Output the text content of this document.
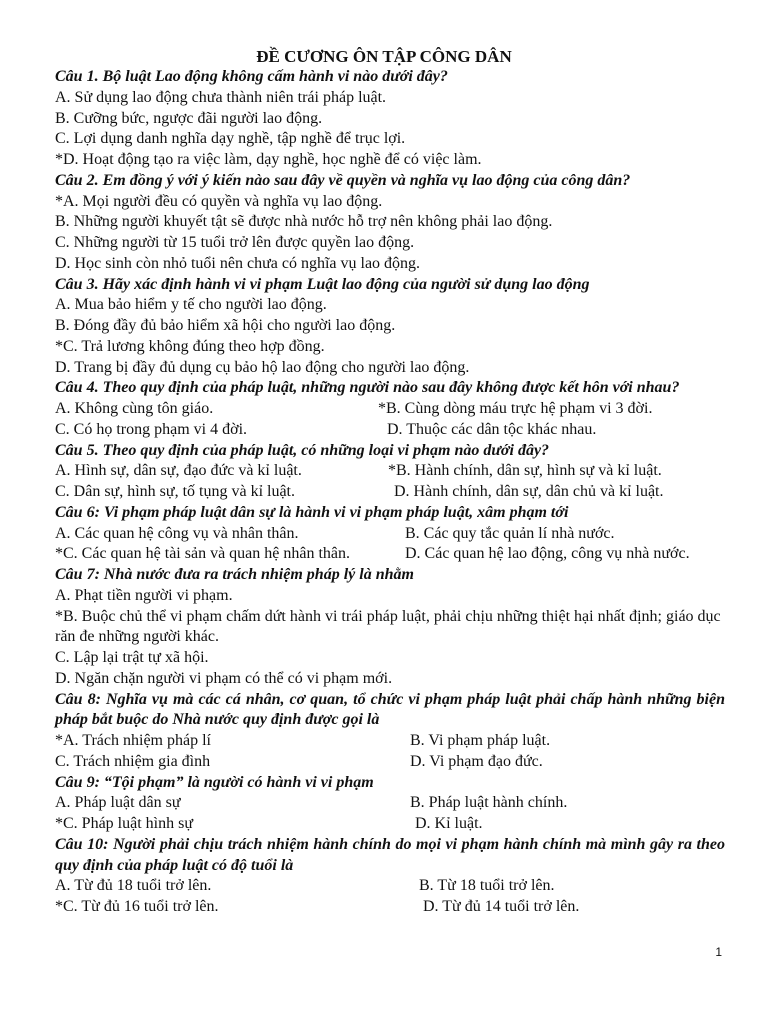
ĐỀ CƯƠNG ÔN TẬP CÔNG DÂN
Câu 1. Bộ luật Lao động không cấm hành vi nào dưới đây?
A. Sử dụng lao động chưa thành niên trái pháp luật.
B. Cưỡng bức, ngược đãi người lao động.
C. Lợi dụng danh nghĩa dạy nghề, tập nghề để trục lợi.
*D. Hoạt động tạo ra việc làm, dạy nghề, học nghề để có việc làm.
Câu 2. Em đồng ý với ý kiến nào sau đây về quyền và nghĩa vụ lao động của công dân?
*A. Mọi người đều có quyền và nghĩa vụ lao động.
B. Những người khuyết tật sẽ được nhà nước hỗ trợ nên không phải lao động.
C. Những người từ 15 tuổi trở lên được quyền lao động.
D. Học sinh còn nhỏ tuổi nên chưa có nghĩa vụ lao động.
Câu 3. Hãy xác định hành vi vi phạm Luật lao động của người sử dụng lao động
A. Mua bảo hiểm y tế cho người lao động.
B. Đóng đầy đủ bảo hiểm xã hội cho người lao động.
*C. Trả lương không đúng theo hợp đồng.
D. Trang bị đầy đủ dụng cụ bảo hộ lao động cho người lao động.
Câu 4. Theo quy định của pháp luật, những người nào sau đây không được kết hôn với nhau?
A. Không cùng tôn giáo.	*B. Cùng dòng máu trực hệ phạm vi 3 đời.
C. Có họ trong phạm vi 4 đời.	D. Thuộc các dân tộc khác nhau.
Câu 5. Theo quy định của pháp luật, có những loại vi phạm nào dưới đây?
A. Hình sự, dân sự, đạo đức và kỉ luật.	*B. Hành chính, dân sự, hình sự và kỉ luật.
C. Dân sự, hình sự, tố tụng và kỉ luật.	D. Hành chính, dân sự, dân chủ và kỉ luật.
Câu 6: Vi phạm pháp luật dân sự là hành vi vi phạm pháp luật, xâm phạm tới
A. Các quan hệ công vụ và nhân thân.	B. Các quy tắc quản lí nhà nước.
*C. Các quan hệ tài sản và quan hệ nhân thân.	D. Các quan hệ lao động, công vụ nhà nước.
Câu 7: Nhà nước đưa ra trách nhiệm pháp lý là nhằm
A. Phạt tiền người vi phạm.
*B. Buộc chủ thể vi phạm chấm dứt hành vi trái pháp luật, phải chịu những thiệt hại nhất định; giáo dục răn đe những người khác.
C. Lập lại trật tự xã hội.
D. Ngăn chặn người vi phạm có thể có vi phạm mới.
Câu 8: Nghĩa vụ mà các cá nhân, cơ quan, tổ chức vi phạm pháp luật phải chấp hành những biện pháp bắt buộc do Nhà nước quy định được gọi là
*A. Trách nhiệm pháp lí	B. Vi phạm pháp luật.
C. Trách nhiệm gia đình	D. Vi phạm đạo đức.
Câu 9: “Tội phạm” là người có hành vi vi phạm
A. Pháp luật dân sự	B. Pháp luật hành chính.
*C. Pháp luật hình sự	D. Kỉ luật.
Câu 10: Người phải chịu trách nhiệm hành chính do mọi vi phạm hành chính mà mình gây ra theo quy định của pháp luật có độ tuổi là
A. Từ đủ 18 tuổi trở lên.	B. Từ 18 tuổi trở lên.
*C. Từ đủ 16 tuổi trở lên.	D. Từ đủ 14 tuổi trở lên.
1
